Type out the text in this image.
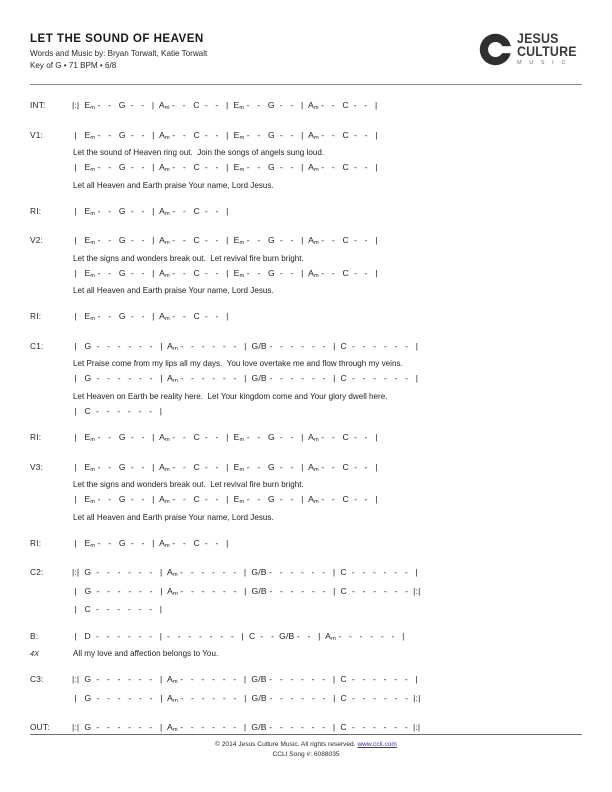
LET THE SOUND OF HEAVEN
Words and Music by: Bryan Torwalt, Katie Torwalt
Key of G • 71 BPM • 6/8
JESUS
CULTURE
M U S I C
INT:	|:|  Em -   -   G  -   -   |  Am -   -   C  -   -   |  Em -   -   G  -   -   |  Am -   -   C  -   -   |
V1:	|   Em -   -   G  -   -   |  Am -   -   C  -   -   |  Em -   -   G  -   -   |  Am -   -   C  -   -   |
Let the sound of Heaven ring out.  Join the songs of angels sung loud.
|   Em -   -   G  -   -   |  Am -   -   C  -   -   |  Em -   -   G  -   -   |  Am -   -   C  -   -   |
Let all Heaven and Earth praise Your name, Lord Jesus.
RI:	|   Em -   -   G  -   -   |  Am -   -   C  -   -   |
V2:	|   Em -   -   G  -   -   |  Am -   -   C  -   -   |  Em -   -   G  -   -   |  Am -   -   C  -   -   |
Let the signs and wonders break out.  Let revival fire burn bright.
|   Em -   -   G  -   -   |  Am -   -   C  -   -   |  Em -   -   G  -   -   |  Am -   -   C  -   -   |
Let all Heaven and Earth praise Your name, Lord Jesus.
RI:	|   Em -   -   G  -   -   |  Am -   -   C  -   -   |
C1:	|   G  -   -   -   -   -   -   |  Am -   -   -   -   -   -   |  G/B -   -   -   -   -   -   |  C  -   -   -   -   -   -   |
Let Praise come from my lips all my days.  You love overtake me and flow through my veins.
|   G  -   -   -   -   -   -   |  Am -   -   -   -   -   -   |  G/B -   -   -   -   -   -   |  C  -   -   -   -   -   -   |
Let Heaven on Earth be reality here.  Let Your kingdom come and Your glory dwell here.
|   C  -   -   -   -   -   -   |
RI:	|   Em -   -   G  -   -   |  Am -   -   C  -   -   |  Em -   -   G  -   -   |  Am -   -   C  -   -   |
V3:	|   Em -   -   G  -   -   |  Am -   -   C  -   -   |  Em -   -   G  -   -   |  Am -   -   C  -   -   |
Let the signs and wonders break out.  Let revival fire burn bright.
|   Em -   -   G  -   -   |  Am -   -   C  -   -   |  Em -   -   G  -   -   |  Am -   -   C  -   -   |
Let all Heaven and Earth praise Your name, Lord Jesus.
RI:	|   Em -   -   G  -   -   |  Am -   -   C  -   -   |
C2:	|:|  G  -   -   -   -   -   -   |  Am -   -   -   -   -   -   |  G/B -   -   -   -   -   -   |  C  -   -   -   -   -   -   |
|   G  -   -   -   -   -   -   |  Am -   -   -   -   -   -   |  G/B -   -   -   -   -   -   |  C  -   -   -   -   -   -  |:|
|   C  -   -   -   -   -   -   |
B:	|   D  -   -   -   -   -   -   |  -   -   -   -   -   -   -   |  C  -   -  G/B -   -   |  Am -   -   -   -   -   -   |
4X	All my love and affection belongs to You.
C3:	|:|  G  -   -   -   -   -   -   |  Am -   -   -   -   -   -   |  G/B -   -   -   -   -   -   |  C  -   -   -   -   -   -   |
|   G  -   -   -   -   -   -   |  Am -   -   -   -   -   -   |  G/B -   -   -   -   -   -   |  C  -   -   -   -   -   -  |:|
OUT:	|:|  G  -   -   -   -   -   -   |  Am -   -   -   -   -   -   |  G/B -   -   -   -   -   -   |  C  -   -   -   -   -   -  |:|
© 2014 Jesus Culture Music. All rights reserved. www.ccli.com
CCLI Song #: 6088035
